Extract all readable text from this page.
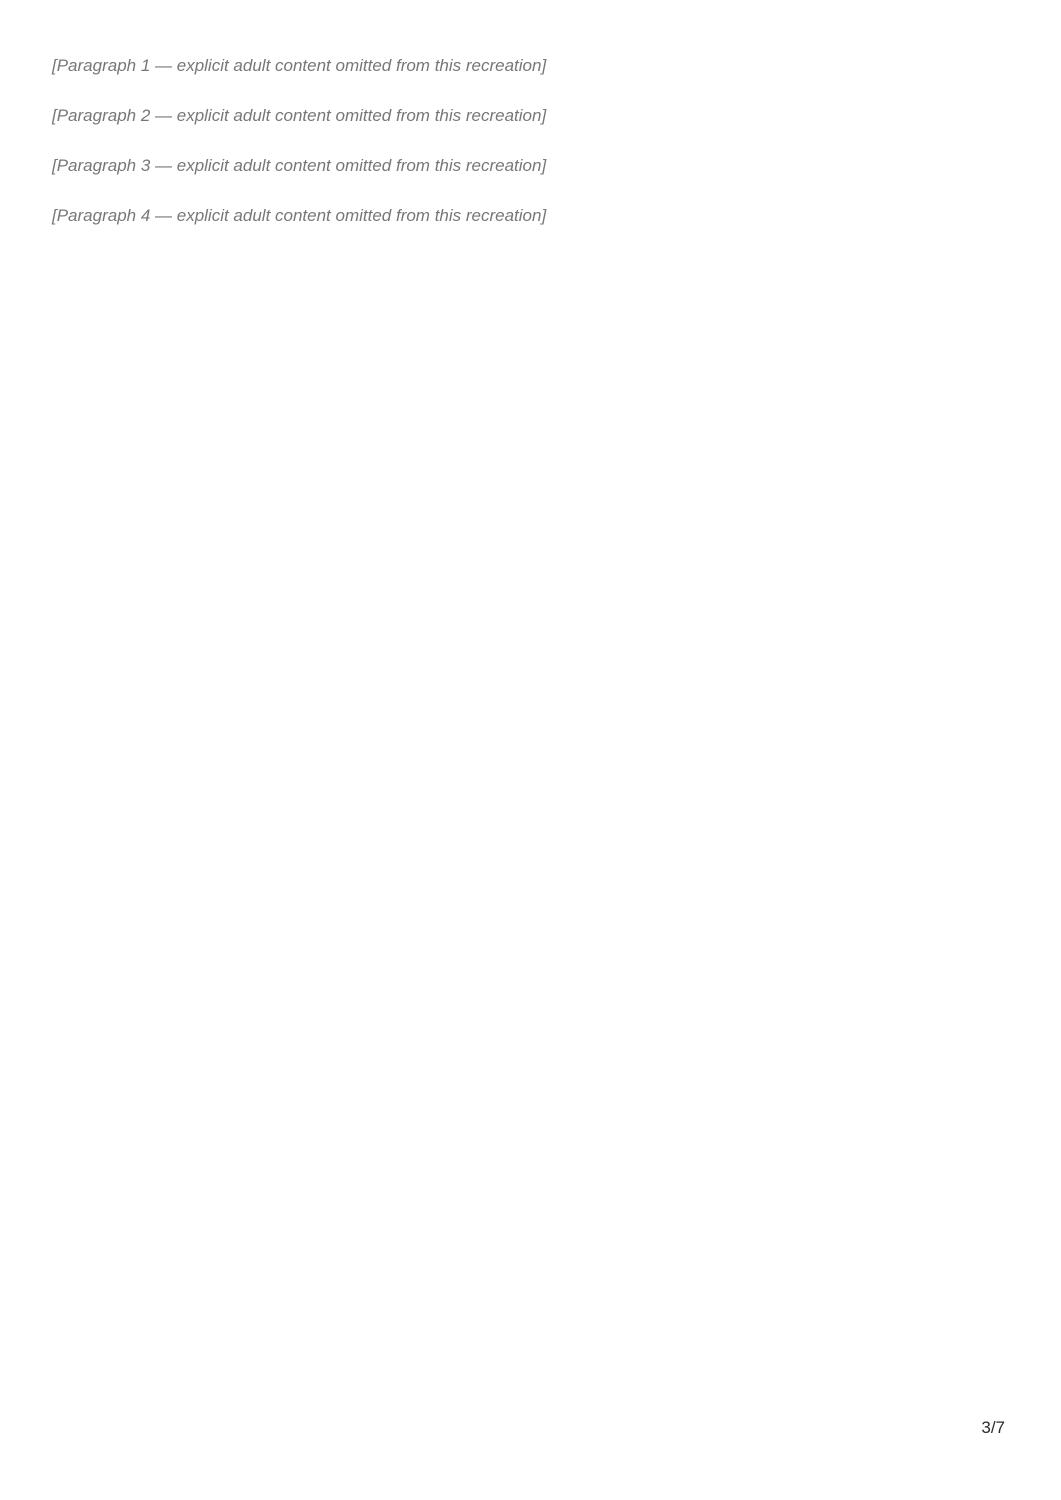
[Paragraph 1 — explicit adult content omitted from this recreation]

[Paragraph 2 — explicit adult content omitted from this recreation]

[Paragraph 3 — explicit adult content omitted from this recreation]

[Paragraph 4 — explicit adult content omitted from this recreation]

3/7
